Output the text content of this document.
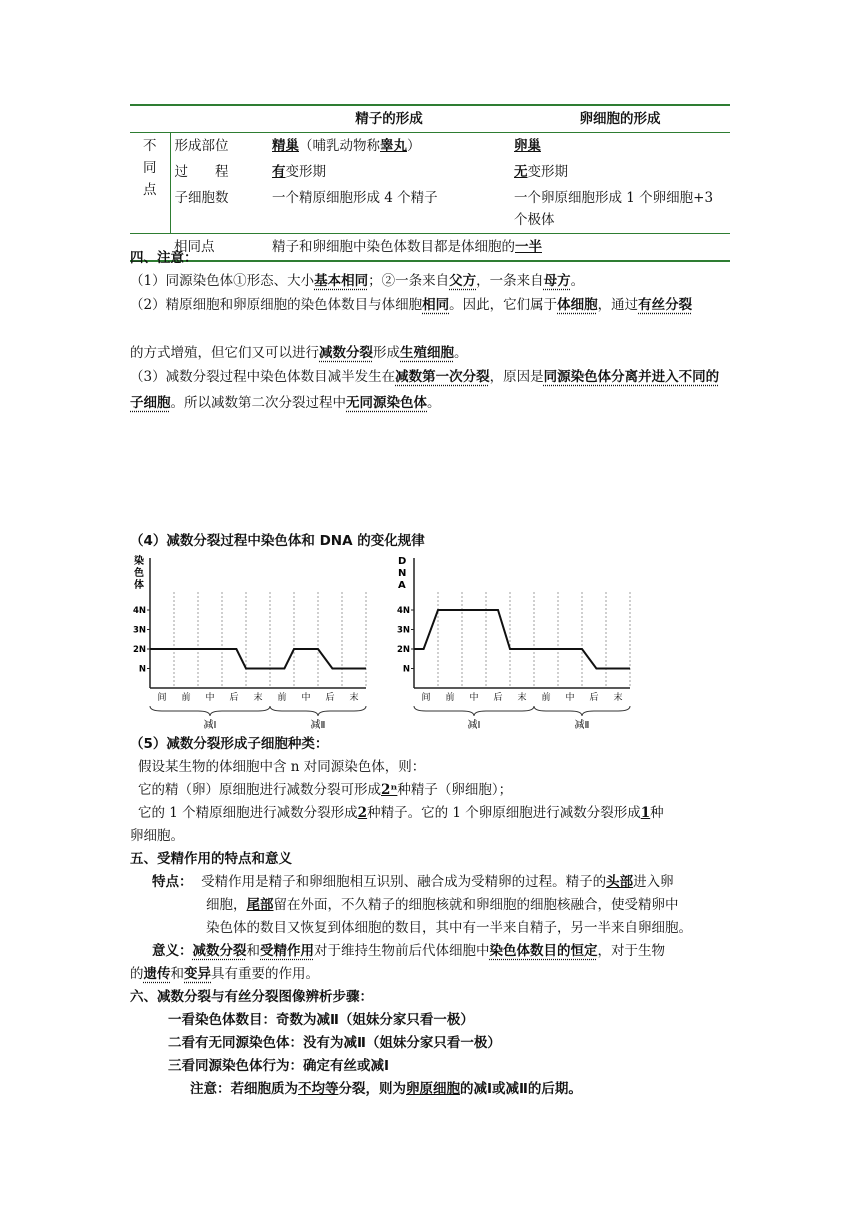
		精子的形成	卵细胞的形成

不
同
点	形成部位	精巢（哺乳动物称睾丸）	卵巢
	过　　程	有变形期	无变形期
	子细胞数	一个精原细胞形成 4 个精子	一个卵原细胞形成 1 个卵细胞+3 个极体
	相同点	精子和卵细胞中染色体数目都是体细胞的一半	
四、注意：
（1）同源染色体①形态、大小基本相同；②一条来自父方，一条来自母方。
（2）精原细胞和卵原细胞的染色体数目与体细胞相同。因此，它们属于体细胞，通过有丝分裂
的方式增殖，但它们又可以进行减数分裂形成生殖细胞。
（3）减数分裂过程中染色体数目减半发生在减数第一次分裂，原因是同源染色体分离并进入不同的子细胞。所以减数第二次分裂过程中无同源染色体。
（4）减数分裂过程中染色体和 DNA 的变化规律
染
色
体
N
2N
3N
4N
间 前 中 后 末 前 中 后 末
减Ⅰ	减Ⅱ
D
N
A
N
2N
3N
4N
间 前 中 后 末 前 中 后 末
减Ⅰ	减Ⅱ
（5）减数分裂形成子细胞种类：
假设某生物的体细胞中含 n 对同源染色体，则：
它的精（卵）原细胞进行减数分裂可形成2ⁿ种精子（卵细胞）；
它的 1 个精原细胞进行减数分裂形成2种精子。它的 1 个卵原细胞进行减数分裂形成1种
卵细胞。
五、受精作用的特点和意义
特点： 受精作用是精子和卵细胞相互识别、融合成为受精卵的过程。精子的头部进入卵
细胞，尾部留在外面，不久精子的细胞核就和卵细胞的细胞核融合，使受精卵中
染色体的数目又恢复到体细胞的数目，其中有一半来自精子，另一半来自卵细胞。
意义：减数分裂和受精作用对于维持生物前后代体细胞中染色体数目的恒定，对于生物
的遗传和变异具有重要的作用。
六、减数分裂与有丝分裂图像辨析步骤：
一看染色体数目：奇数为减Ⅱ（姐妹分家只看一极）
二看有无同源染色体：没有为减Ⅱ（姐妹分家只看一极）
三看同源染色体行为：确定有丝或减Ⅰ
注意：若细胞质为不均等分裂，则为卵原细胞的减Ⅰ或减Ⅱ的后期。
